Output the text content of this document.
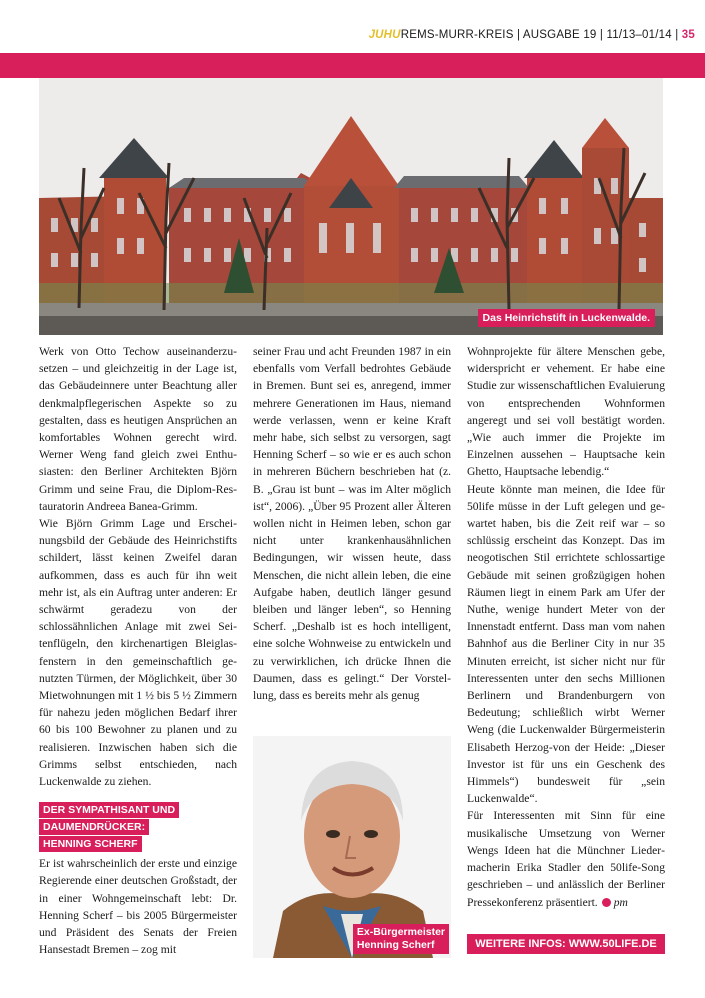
JUHUREMS-MURR-KREIS | AUSGABE 19 | 11/13–01/14 | 35
Das Heinrichstift in Luckenwalde.

Werk von Otto Techow auseinanderzusetzen – und gleichzeitig in der Lage ist, das Gebäudeinnere unter Beachtung aller denkmalpflegerischen Aspekte so zu gestalten, dass es heutigen Ansprüchen an komfortables Wohnen gerecht wird. Werner Weng fand gleich zwei Enthusiasten: den Berliner Architekten Björn Grimm und seine Frau, die Diplom-Restauratorin Andreea Banea-Grimm.

Wie Björn Grimm Lage und Erscheinungsbild der Gebäude des Heinrichstifts schildert, lässt keinen Zweifel daran aufkommen, dass es auch für ihn weit mehr ist, als ein Auftrag unter anderen: Er schwärmt geradezu von der schlossähnlichen Anlage mit zwei Seitenflügeln, den kirchenartigen Bleiglasfenstern in den gemeinschaftlich genutzten Türmen, der Möglichkeit, über 30 Mietwohnungen mit 1 ½ bis 5 ½ Zimmern für nahezu jeden möglichen Bedarf ihrer 60 bis 100 Bewohner zu planen und zu realisieren. Inzwischen haben sich die Grimms selbst entschieden, nach Luckenwalde zu ziehen.

DER SYMPATHISANT UND
DAUMENDRÜCKER:
HENNING SCHERF

Er ist wahrscheinlich der erste und einzige Regierende einer deutschen Großstadt, der in einer Wohngemeinschaft lebt: Dr. Henning Scherf – bis 2005 Bürgermeister und Präsident des Senats der Freien Hansestadt Bremen – zog mit

seiner Frau und acht Freunden 1987 in ein ebenfalls vom Verfall bedrohtes Gebäude in Bremen. Bunt sei es, anregend, immer mehrere Generationen im Haus, niemand werde verlassen, wenn er keine Kraft mehr habe, sich selbst zu versorgen, sagt Henning Scherf – so wie er es auch schon in mehreren Büchern beschrieben hat (z. B. „Grau ist bunt – was im Alter möglich ist“, 2006). „Über 95 Prozent aller Älteren wollen nicht in Heimen leben, schon gar nicht unter krankenhausähnlichen Bedingungen, wir wissen heute, dass Menschen, die nicht allein leben, die eine Aufgabe haben, deutlich länger gesund bleiben und länger leben“, so Henning Scherf. „Deshalb ist es hoch intelligent, eine solche Wohnweise zu entwickeln und zu verwirklichen, ich drücke Ihnen die Daumen, dass es gelingt.“ Der Vorstellung, dass es bereits mehr als genug

Ex-Bürgermeister
Henning Scherf

Wohnprojekte für ältere Menschen gebe, widerspricht er vehement. Er habe eine Studie zur wissenschaftlichen Evaluierung von entsprechenden Wohnformen angeregt und sei voll bestätigt worden. „Wie auch immer die Projekte im Einzelnen aussehen – Hauptsache kein Ghetto, Hauptsache lebendig.“

Heute könnte man meinen, die Idee für 50life müsse in der Luft gelegen und gewartet haben, bis die Zeit reif war – so schlüssig erscheint das Konzept. Das im neogotischen Stil errichtete schlossartige Gebäude mit seinen großzügigen hohen Räumen liegt in einem Park am Ufer der Nuthe, wenige hundert Meter von der Innenstadt entfernt. Dass man vom nahen Bahnhof aus die Berliner City in nur 35 Minuten erreicht, ist sicher nicht nur für Interessenten unter den sechs Millionen Berlinern und Brandenburgern von Bedeutung; schließlich wirbt Werner Weng (die Luckenwalder Bürgermeisterin Elisabeth Herzog-von der Heide: „Dieser Investor ist für uns ein Geschenk des Himmels“) bundesweit für „sein Luckenwalde“.

Für Interessenten mit Sinn für eine musikalische Umsetzung von Werner Wengs Ideen hat die Münchner Liedermacherin Erika Stadler den 50life-Song geschrieben – und anlässlich der Berliner Pressekonferenz präsentiert. pm

WEITERE INFOS: WWW.50LIFE.DE
